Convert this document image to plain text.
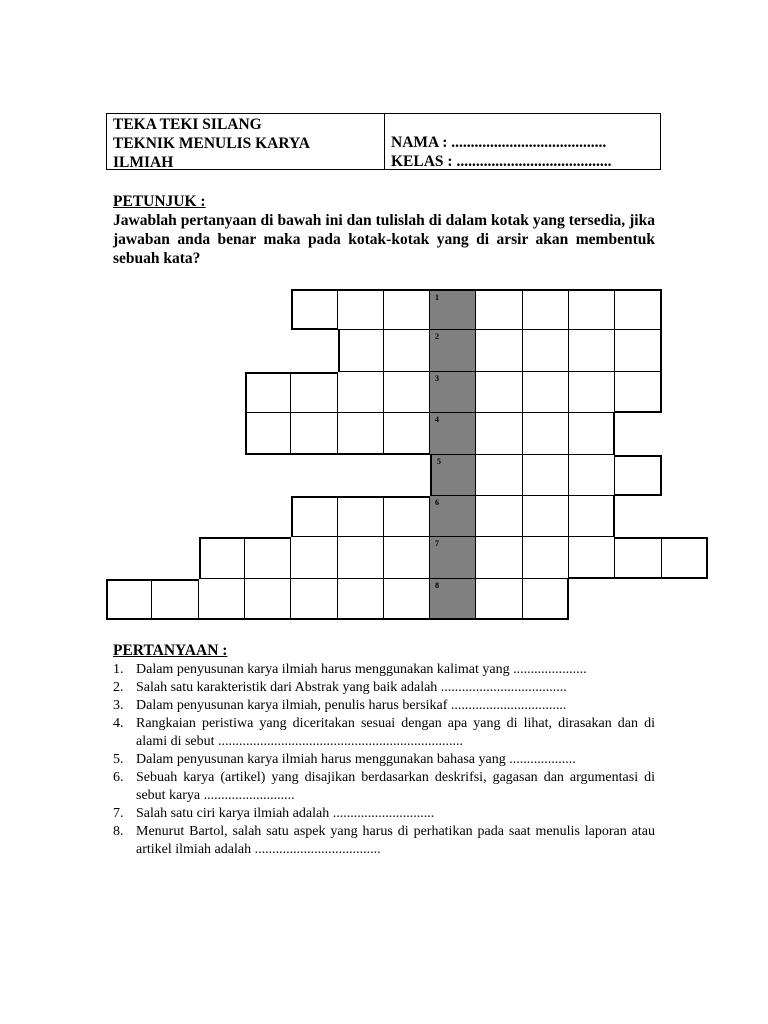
TEKA TEKI SILANG
TEKNIK MENULIS KARYA
ILMIAH
NAMA : ........................................
KELAS : ........................................
PETUNJUK :
Jawablah pertanyaan di bawah ini dan tulislah di dalam kotak yang tersedia, jika jawaban anda benar maka pada kotak-kotak yang di arsir akan membentuk sebuah kata?
1
2
3
4
5
6
7
8
PERTANYAAN :
1. Dalam penyusunan karya ilmiah harus menggunakan kalimat yang .....................
2. Salah satu karakteristik dari Abstrak yang baik adalah ....................................
3. Dalam penyusunan karya ilmiah, penulis harus bersikaf .................................
4. Rangkaian peristiwa yang diceritakan sesuai dengan apa yang di lihat, dirasakan dan di alami di sebut ......................................................................
5. Dalam penyusunan karya ilmiah harus menggunakan bahasa yang ...................
6. Sebuah karya (artikel) yang disajikan berdasarkan deskrifsi, gagasan dan argumentasi di sebut karya ..........................
7. Salah satu ciri karya ilmiah adalah .............................
8. Menurut Bartol, salah satu aspek yang harus di perhatikan pada saat menulis laporan atau artikel ilmiah adalah ....................................
